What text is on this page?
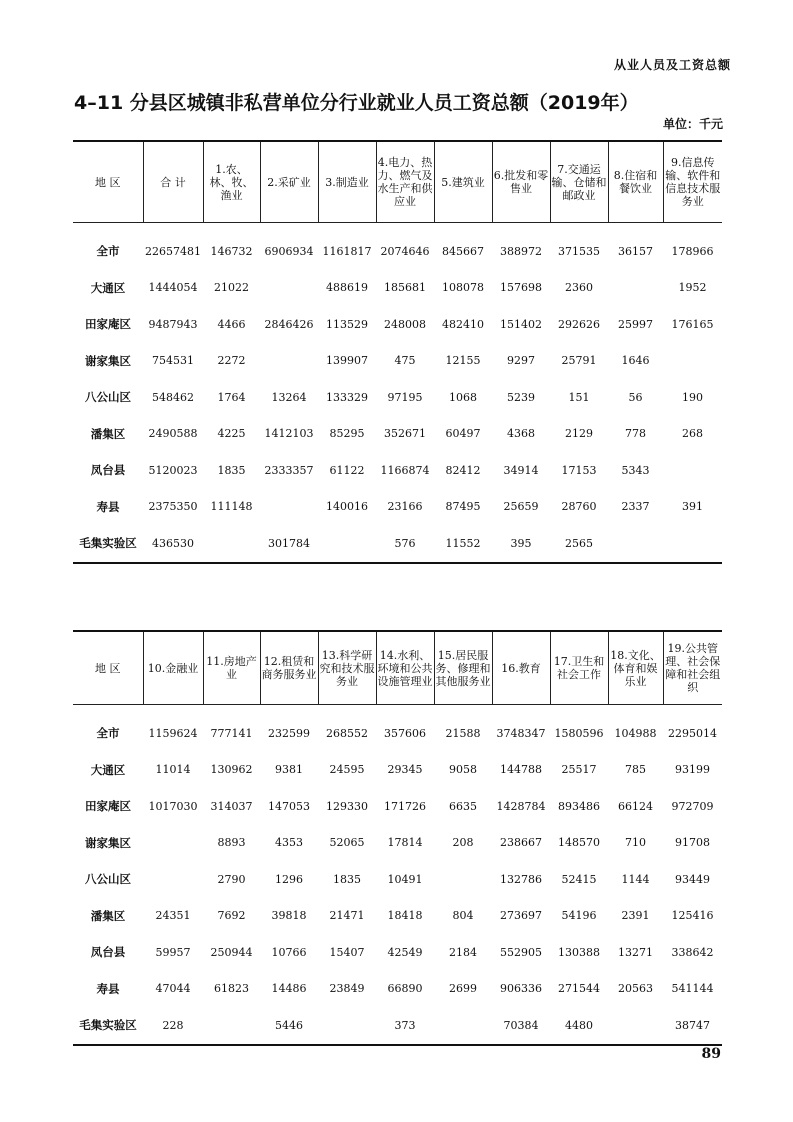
从业人员及工资总额
4–11 分县区城镇非私营单位分行业就业人员工资总额（2019年）
单位：千元
地 区	合 计	1.农、林、牧、渔业	2.采矿业	3.制造业	4.电力、热力、燃气及水生产和供应业	5.建筑业	6.批发和零售业	7.交通运输、仓储和邮政业	8.住宿和餐饮业	9.信息传输、软件和信息技术服务业
全市	22657481	146732	6906934	1161817	2074646	845667	388972	371535	36157	178966
大通区	1444054	21022		488619	185681	108078	157698	2360		1952
田家庵区	9487943	4466	2846426	113529	248008	482410	151402	292626	25997	176165
谢家集区	754531	2272		139907	475	12155	9297	25791	1646	
八公山区	548462	1764	13264	133329	97195	1068	5239	151	56	190
潘集区	2490588	4225	1412103	85295	352671	60497	4368	2129	778	268
凤台县	5120023	1835	2333357	61122	1166874	82412	34914	17153	5343	
寿县	2375350	111148		140016	23166	87495	25659	28760	2337	391
毛集实验区	436530		301784		576	11552	395	2565		
地 区	10.金融业	11.房地产业	12.租赁和商务服务业	13.科学研究和技术服务业	14.水利、环境和公共设施管理业	15.居民服务、修理和其他服务业	16.教育	17.卫生和社会工作	18.文化、体育和娱乐业	19.公共管理、社会保障和社会组织
全市	1159624	777141	232599	268552	357606	21588	3748347	1580596	104988	2295014
大通区	11014	130962	9381	24595	29345	9058	144788	25517	785	93199
田家庵区	1017030	314037	147053	129330	171726	6635	1428784	893486	66124	972709
谢家集区		8893	4353	52065	17814	208	238667	148570	710	91708
八公山区		2790	1296	1835	10491		132786	52415	1144	93449
潘集区	24351	7692	39818	21471	18418	804	273697	54196	2391	125416
凤台县	59957	250944	10766	15407	42549	2184	552905	130388	13271	338642
寿县	47044	61823	14486	23849	66890	2699	906336	271544	20563	541144
毛集实验区	228		5446		373		70384	4480		38747
89
